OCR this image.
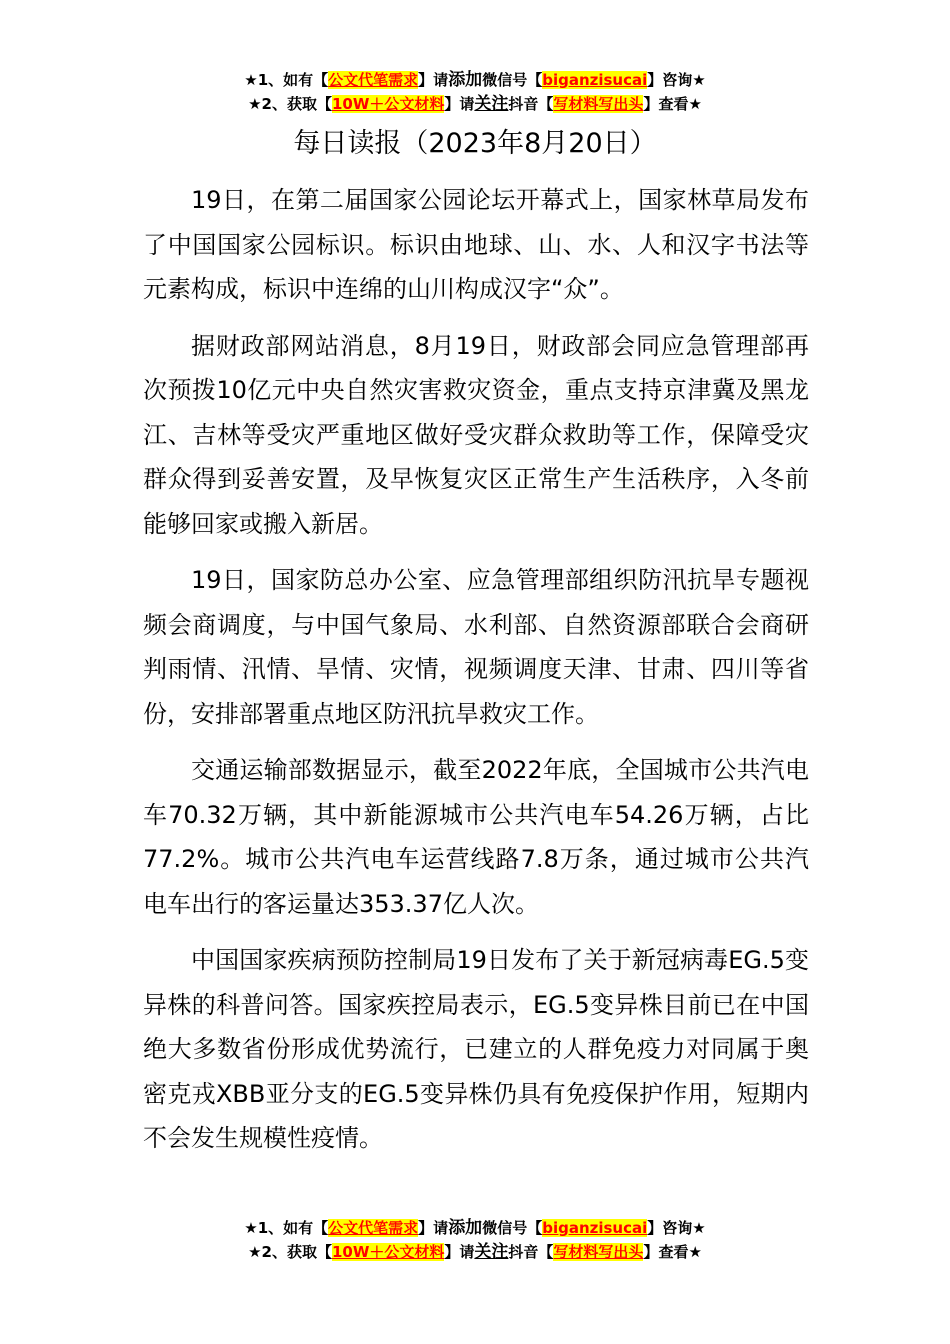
★1、如有【公文代笔需求】请添加微信号【biganzisucai】咨询★
★2、获取【10W＋公文材料】请关注抖音【写材料写出头】查看★
每日读报（2023年8月20日）

19日，在第二届国家公园论坛开幕式上，国家林草局发布了中国国家公园标识。标识由地球、山、水、人和汉字书法等元素构成，标识中连绵的山川构成汉字“众”。

据财政部网站消息，8月19日，财政部会同应急管理部再次预拨10亿元中央自然灾害救灾资金，重点支持京津冀及黑龙江、吉林等受灾严重地区做好受灾群众救助等工作，保障受灾群众得到妥善安置，及早恢复灾区正常生产生活秩序，入冬前能够回家或搬入新居。

19日，国家防总办公室、应急管理部组织防汛抗旱专题视频会商调度，与中国气象局、水利部、自然资源部联合会商研判雨情、汛情、旱情、灾情，视频调度天津、甘肃、四川等省份，安排部署重点地区防汛抗旱救灾工作。

交通运输部数据显示，截至2022年底，全国城市公共汽电车70.32万辆，其中新能源城市公共汽电车54.26万辆，占比77.2%。城市公共汽电车运营线路7.8万条，通过城市公共汽电车出行的客运量达353.37亿人次。

中国国家疾病预防控制局19日发布了关于新冠病毒EG.5变异株的科普问答。国家疾控局表示，EG.5变异株目前已在中国绝大多数省份形成优势流行，已建立的人群免疫力对同属于奥密克戎XBB亚分支的EG.5变异株仍具有免疫保护作用，短期内不会发生规模性疫情。

★1、如有【公文代笔需求】请添加微信号【biganzisucai】咨询★
★2、获取【10W＋公文材料】请关注抖音【写材料写出头】查看★
